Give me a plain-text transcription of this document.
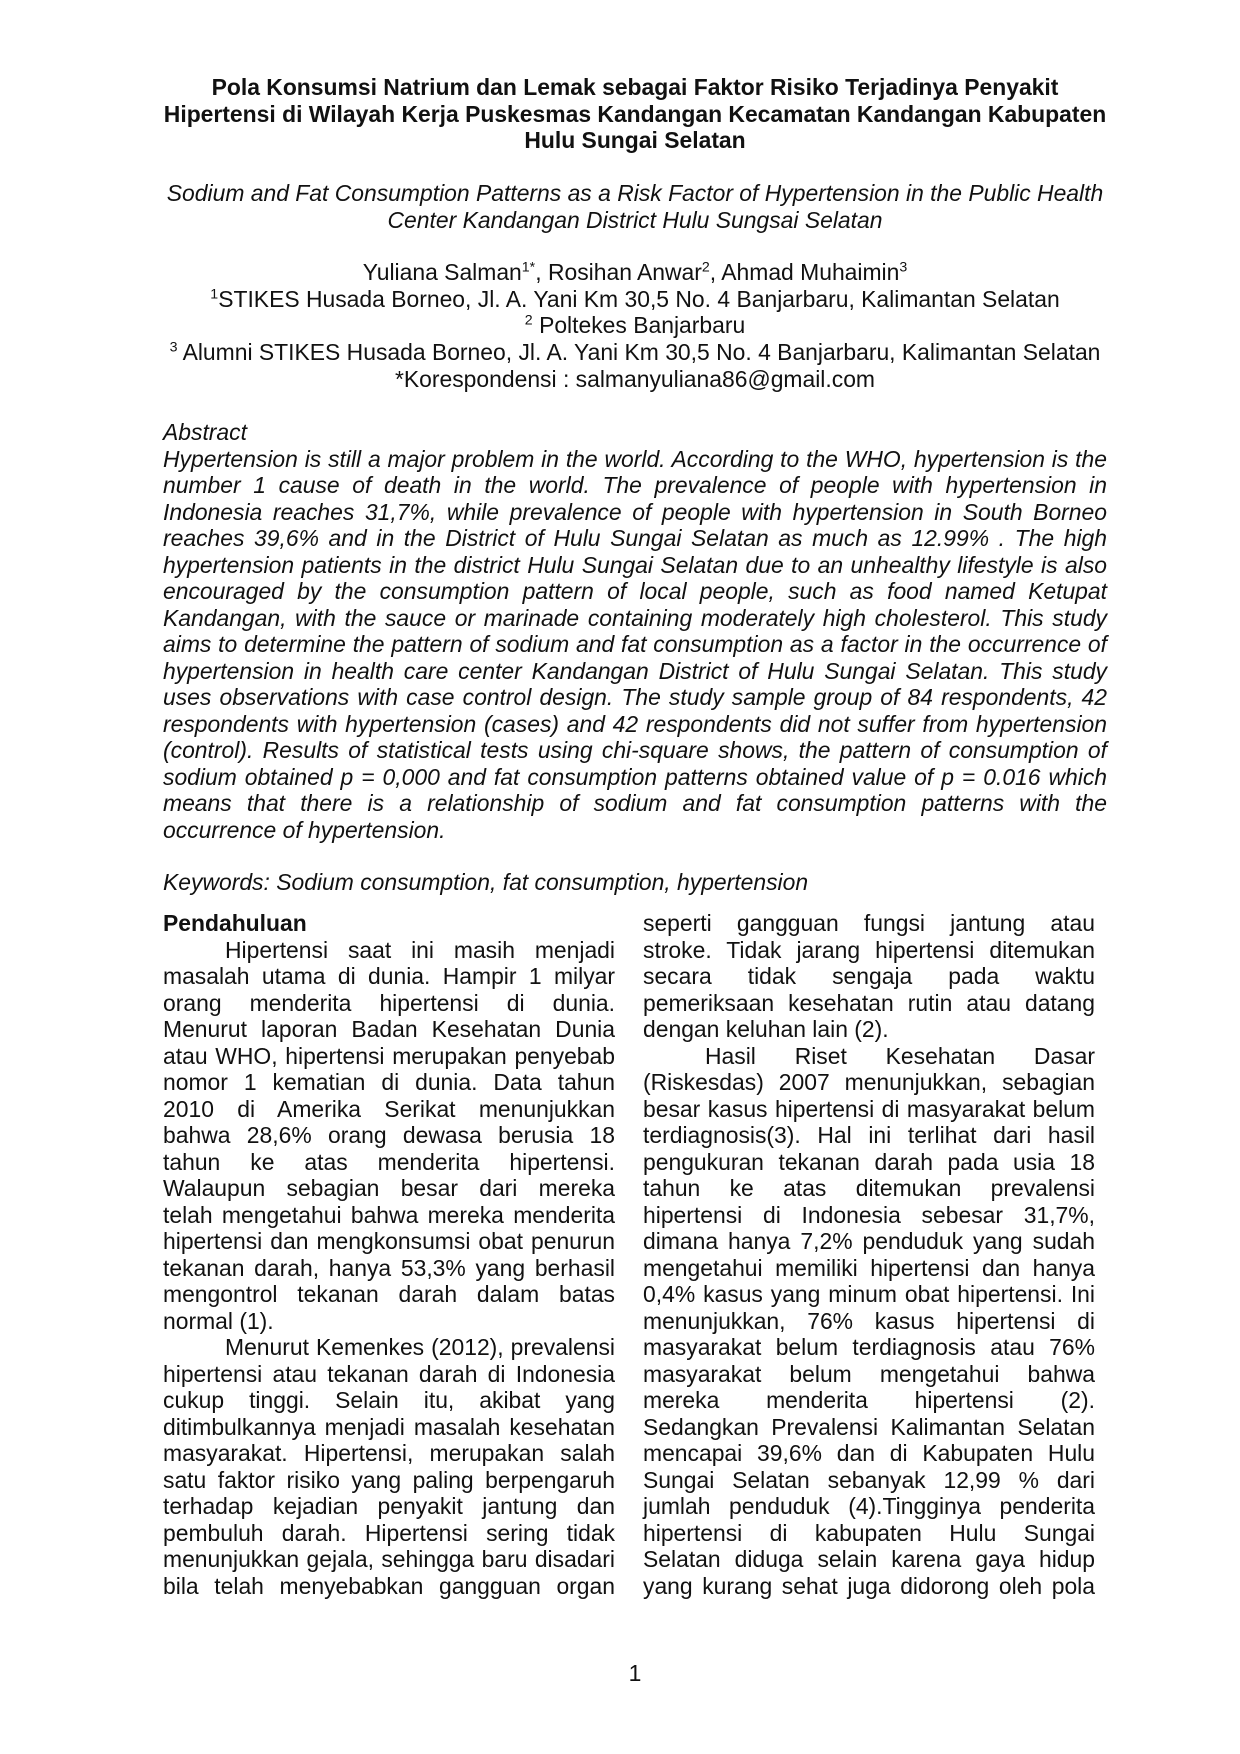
Pola Konsumsi Natrium dan Lemak sebagai Faktor Risiko Terjadinya Penyakit
Hipertensi di Wilayah Kerja Puskesmas Kandangan Kecamatan Kandangan Kabupaten
Hulu Sungai Selatan
Sodium and Fat Consumption Patterns as a Risk Factor of Hypertension in the Public Health
Center Kandangan District Hulu Sungsai Selatan
Yuliana Salman$^{1*}$, Rosihan Anwar$^2$, Ahmad Muhaimin$^3$
$^1$STIKES Husada Borneo, Jl. A. Yani Km 30,5 No. 4 Banjarbaru, Kalimantan Selatan
$^2$ Poltekes Banjarbaru
$^3$ Alumni STIKES Husada Borneo, Jl. A. Yani Km 30,5 No. 4 Banjarbaru, Kalimantan Selatan
*Korespondensi : salmanyuliana86@gmail.com
Abstract
Hypertension is still a major problem in the world. According to the WHO, hypertension is the
number 1 cause of death in the world. The prevalence of people with hypertension in
Indonesia reaches 31,7%, while prevalence of people with hypertension in South Borneo
reaches 39,6% and in the District of Hulu Sungai Selatan as much as 12.99% . The high
hypertension patients in the district Hulu Sungai Selatan due to an unhealthy lifestyle is also
encouraged by the consumption pattern of local people, such as food named Ketupat
Kandangan, with the sauce or marinade containing moderately high cholesterol. This study
aims to determine the pattern of sodium and fat consumption as a factor in the occurrence of
hypertension in health care center Kandangan District of Hulu Sungai Selatan. This study
uses observations with case control design. The study sample group of 84 respondents, 42
respondents with hypertension (cases) and 42 respondents did not suffer from hypertension
(control). Results of statistical tests using chi-square shows, the pattern of consumption of
sodium obtained p = 0,000 and fat consumption patterns obtained value of p = 0.016 which
means that there is a relationship of sodium and fat consumption patterns with the
occurrence of hypertension.
Keywords: Sodium consumption, fat consumption, hypertension
Pendahuluan
Hipertensi saat ini masih menjadi
masalah utama di dunia. Hampir 1 milyar
orang menderita hipertensi di dunia.
Menurut laporan Badan Kesehatan Dunia
atau WHO, hipertensi merupakan penyebab
nomor 1 kematian di dunia. Data tahun
2010 di Amerika Serikat menunjukkan
bahwa 28,6% orang dewasa berusia 18
tahun ke atas menderita hipertensi.
Walaupun sebagian besar dari mereka
telah mengetahui bahwa mereka menderita
hipertensi dan mengkonsumsi obat penurun
tekanan darah, hanya 53,3% yang berhasil
mengontrol tekanan darah dalam batas
normal (1).
Menurut Kemenkes (2012), prevalensi
hipertensi atau tekanan darah di Indonesia
cukup tinggi. Selain itu, akibat yang
ditimbulkannya menjadi masalah kesehatan
masyarakat. Hipertensi, merupakan salah
satu faktor risiko yang paling berpengaruh
terhadap kejadian penyakit jantung dan
pembuluh darah. Hipertensi sering tidak
menunjukkan gejala, sehingga baru disadari
bila telah menyebabkan gangguan organ
seperti gangguan fungsi jantung atau
stroke. Tidak jarang hipertensi ditemukan
secara tidak sengaja pada waktu
pemeriksaan kesehatan rutin atau datang
dengan keluhan lain (2).
Hasil Riset Kesehatan Dasar
(Riskesdas) 2007 menunjukkan, sebagian
besar kasus hipertensi di masyarakat belum
terdiagnosis(3). Hal ini terlihat dari hasil
pengukuran tekanan darah pada usia 18
tahun ke atas ditemukan prevalensi
hipertensi di Indonesia sebesar 31,7%,
dimana hanya 7,2% penduduk yang sudah
mengetahui memiliki hipertensi dan hanya
0,4% kasus yang minum obat hipertensi. Ini
menunjukkan, 76% kasus hipertensi di
masyarakat belum terdiagnosis atau 76%
masyarakat belum mengetahui bahwa
mereka menderita hipertensi (2).
Sedangkan Prevalensi Kalimantan Selatan
mencapai 39,6% dan di Kabupaten Hulu
Sungai Selatan sebanyak 12,99 % dari
jumlah penduduk (4).Tingginya penderita
hipertensi di kabupaten Hulu Sungai
Selatan diduga selain karena gaya hidup
yang kurang sehat juga didorong oleh pola
1
